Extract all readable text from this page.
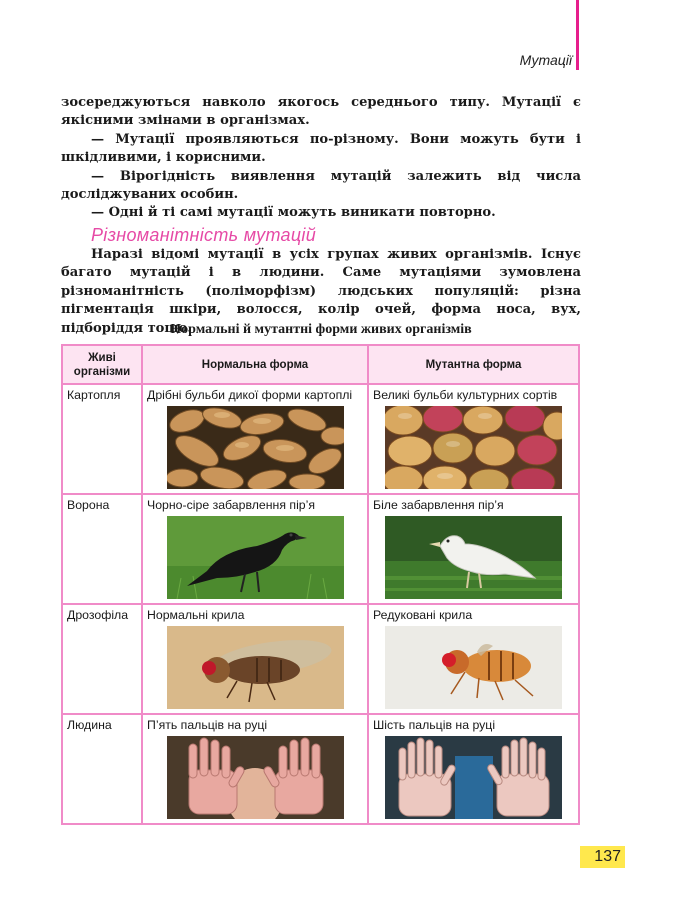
Мутації

зосереджуються навколо якогось середнього типу. Мутації є якісними змінами в організмах.

— Мутації проявляються по-різному. Вони можуть бути і шкідливими, і корисними.

— Вірогідність виявлення мутацій залежить від числа досліджуваних особин.

— Одні й ті самі мутації можуть виникати повторно.

Різноманітність мутацій

Наразі відомі мутації в усіх групах живих організмів. Існує багато мутацій і в людини. Саме мутаціями зумовлена різноманітність (поліморфізм) людських популяцій: різна пігментація шкіри, волосся, колір очей, форма носа, вух, підборіддя тощо.

Нормальні й мутантні форми живих організмів
Живі організми	Нормальна форма	Мутантна форма

Картопля	Дрібні бульби дикої форми картоплі	Великі бульби культурних сортів

Ворона	Чорно-сіре забарвлення пір’я	Біле забарвлення пір’я

Дрозофіла	Нормальні крила	Редуковані крила

Людина	П’ять пальців на руці	Шість пальців на руці
137
